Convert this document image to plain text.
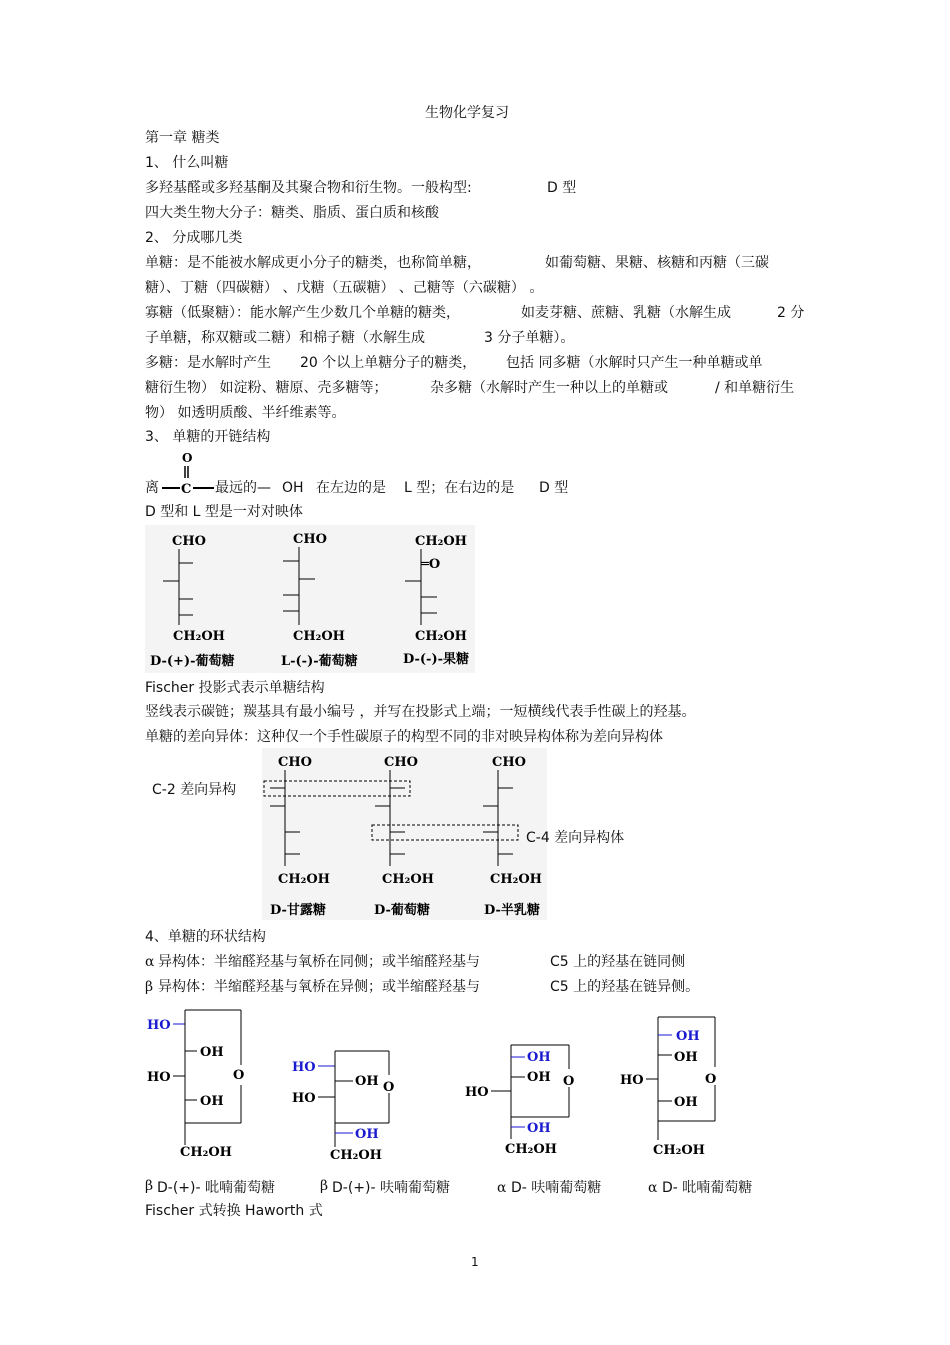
生物化学复习
第一章 糖类
1、 什么叫糖
多羟基醛或多羟基酮及其聚合物和衍生物。一般构型:	D 型
四大类生物大分子：糖类、脂质、蛋白质和核酸
2、 分成哪几类
单糖：是不能被水解成更小分子的糖类，也称简单糖，	如葡萄糖、果糖、核糖和丙糖（三碳
糖）、丁糖（四碳糖） 、戊糖（五碳糖） 、己糖等（六碳糖） 。
寡糖（低聚糖）：能水解产生少数几个单糖的糖类，	如麦芽糖、蔗糖、乳糖（水解生成	2 分
子单糖，称双糖或二糖）和棉子糖（水解生成	3 分子单糖）。
多糖：是水解时产生 20 个以上单糖分子的糖类， 包括 同多糖（水解时只产生一种单糖或单
糖衍生物） 如淀粉、糖原、壳多糖等；	杂多糖（水解时产生一种以上的单糖或	/ 和单糖衍生
物） 如透明质酸、半纤维素等。
3、 单糖的开链结构
离
O
C 最远的— OH 在左边的是 L 型；在右边的是 D 型
D 型和 L 型是一对对映体
CHO
CH₂OH
D-(+)-葡萄糖
CHO
CH₂OH
L-(-)-葡萄糖
CH₂OH
═O
CH₂OH
D-(-)-果糖
Fischer 投影式表示单糖结构
竖线表示碳链；羰基具有最小编号 ，并写在投影式上端；一短横线代表手性碳上的羟基。
单糖的差向异体：这种仅一个手性碳原子的构型不同的非对映异构体称为差向异构体
C-2 差向异构
CHO
CH₂OH
D-甘露糖
CHO
CH₂OH
D-葡萄糖
CHO
CH₂OH
D-半乳糖
C-4 差向异构体
4、单糖的环状结构
α 异构体：半缩醛羟基与氧桥在同侧；或半缩醛羟基与	C5 上的羟基在链同侧
β 异构体：半缩醛羟基与氧桥在异侧；或半缩醛羟基与	C5 上的羟基在链异侧。
HO
OH
HO	O
OH
CH₂OH
HO
OH O
HO
OH
CH₂OH
OH
OH O
HO
OH
CH₂OH
OH
OH
HO	O
OH
CH₂OH
β D-(+)- 吡喃葡萄糖	β D-(+)- 呋喃葡萄糖	α D- 呋喃葡萄糖	α D- 吡喃葡萄糖
Fischer 式转换 Haworth 式
1
